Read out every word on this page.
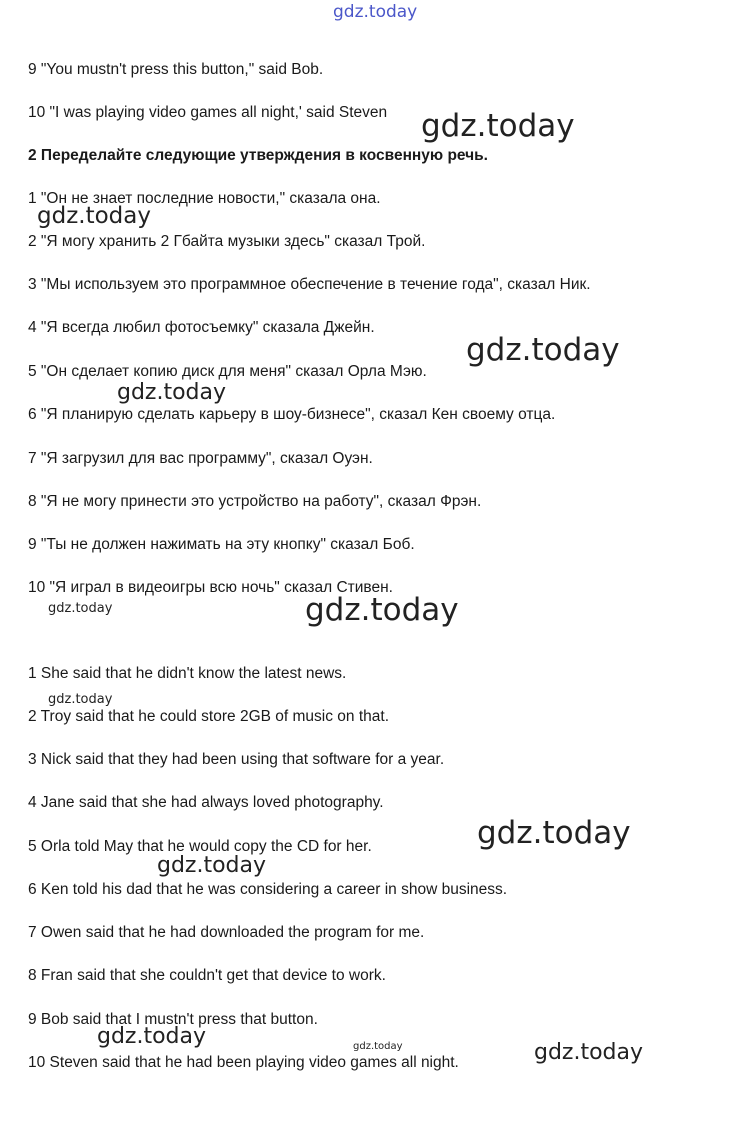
gdz.today
9 "You mustn't press this button," said Bob.
10 "I was playing video games all night,' said Steven
2 Переделайте следующие утверждения в косвенную речь.
1 "Он не знает последние новости," сказала она.
2 "Я могу хранить 2 Гбайта музыки здесь" сказал Трой.
3 "Мы используем это программное обеспечение в течение года", сказал Ник.
4 "Я всегда любил фотосъемку" сказала Джейн.
5 "Он сделает копию диск для меня" сказал Орла Мэю.
6 "Я планирую сделать карьеру в шоу-бизнесе", сказал Кен своему отца.
7 "Я загрузил для вас программу", сказал Оуэн.
8 "Я не могу принести это устройство на работу", сказал Фрэн.
9 "Ты не должен нажимать на эту кнопку" сказал Боб.
10 "Я играл в видеоигры всю ночь" сказал Стивен.
1 She said that he didn't know the latest news.
2 Troy said that he could store 2GB of music on that.
3 Nick said that they had been using that software for a year.
4 Jane said that she had always loved photography.
5 Orla told May that he would copy the CD for her.
6 Ken told his dad that he was considering a career in show business.
7 Owen said that he had downloaded the program for me.
8 Fran said that she couldn't get that device to work.
9 Bob said that I mustn't press that button.
10 Steven said that he had been playing video games all night.
gdz.today
gdz.today
gdz.today
gdz.today
gdz.today	gdz.today
gdz.today
gdz.today
gdz.today
gdz.today	gdz.today	gdz.today
